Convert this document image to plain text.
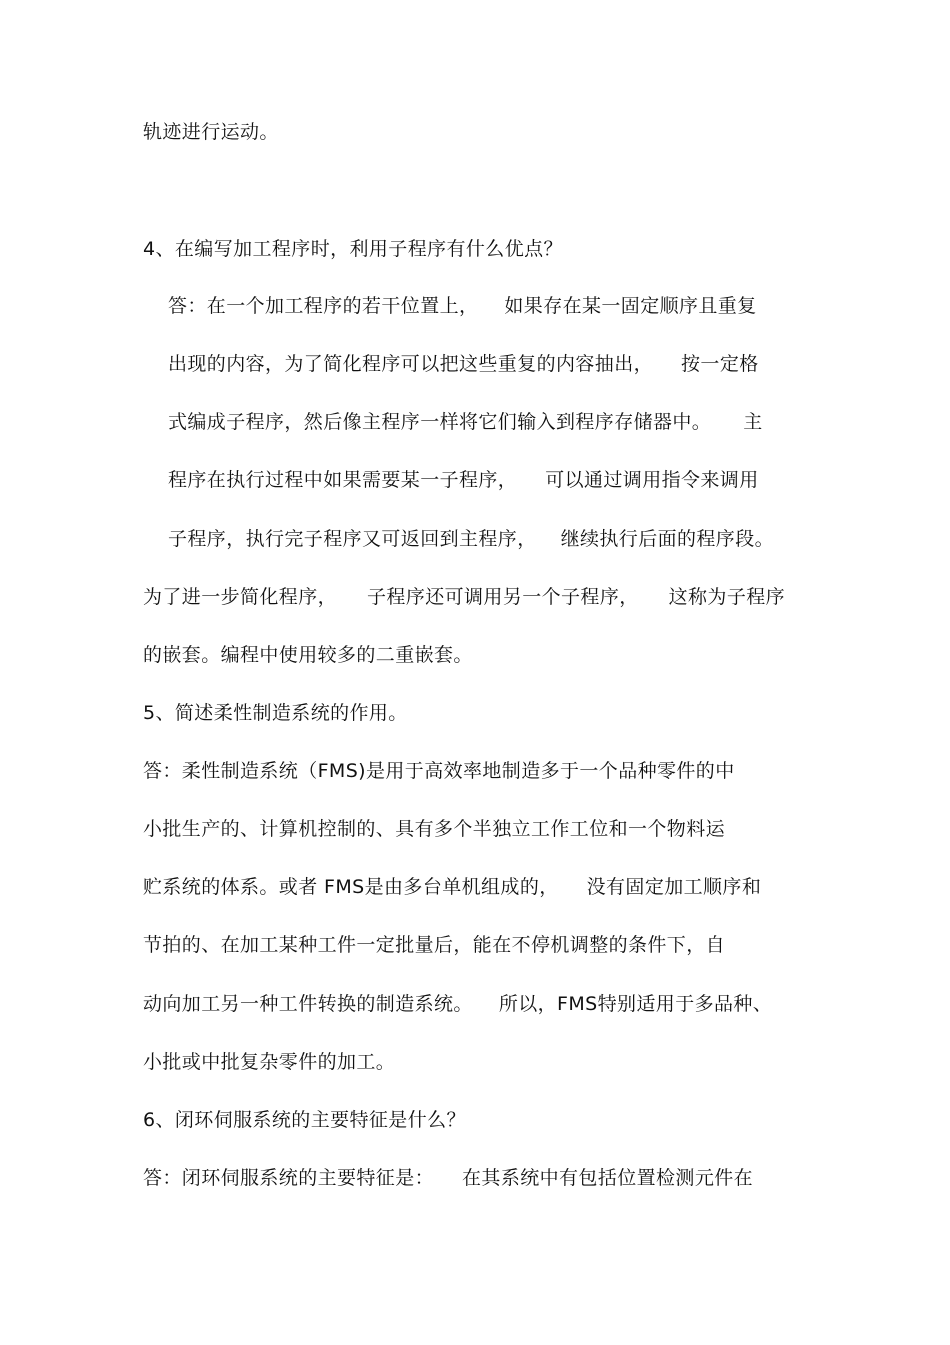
轨迹进行运动。
4、在编写加工程序时，利用子程序有什么优点？
答：在一个加工程序的若干位置上， 如果存在某一固定顺序且重复
出现的内容，为了简化程序可以把这些重复的内容抽出， 按一定格
式编成子程序，然后像主程序一样将它们输入到程序存储器中。 主
程序在执行过程中如果需要某一子程序， 可以通过调用指令来调用
子程序，执行完子程序又可返回到主程序， 继续执行后面的程序段。
为了进一步简化程序， 子程序还可调用另一个子程序， 这称为子程序
的嵌套。编程中使用较多的二重嵌套。
5、简述柔性制造系统的作用。
答：柔性制造系统（FMS)是用于高效率地制造多于一个品种零件的中
小批生产的、计算机控制的、具有多个半独立工作工位和一个物料运
贮系统的体系。或者 FMS是由多台单机组成的， 没有固定加工顺序和
节拍的、在加工某种工件一定批量后，能在不停机调整的条件下，自
动向加工另一种工件转换的制造系统。 所以，FMS特别适用于多品种、
小批或中批复杂零件的加工。
6、闭环伺服系统的主要特征是什么？
答：闭环伺服系统的主要特征是： 在其系统中有包括位置检测元件在
